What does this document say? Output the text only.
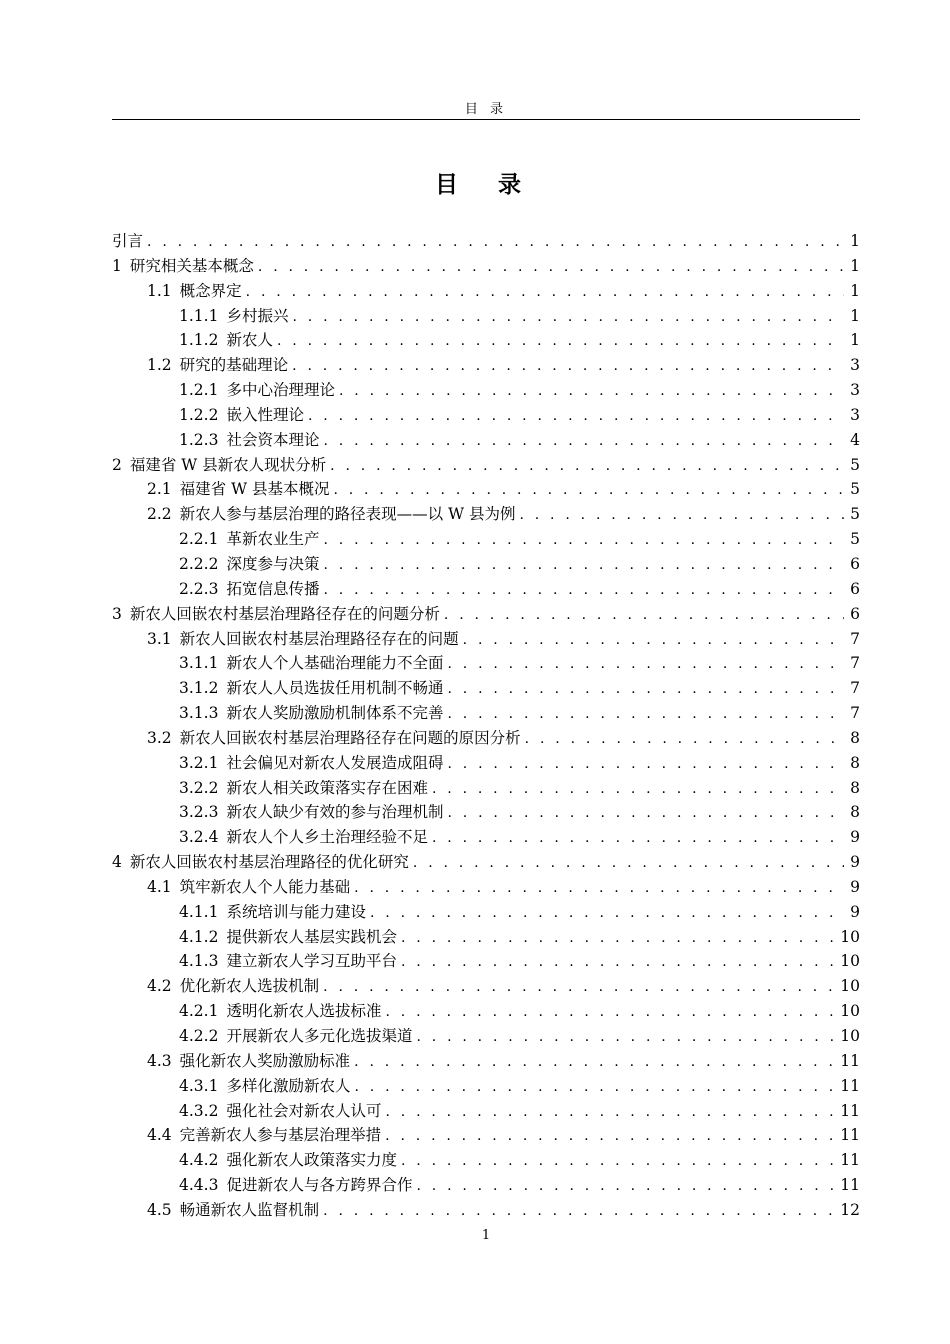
目 录
目 录
引言 . . .	1
1 研究相关基本概念 . . .	1
1.1 概念界定 . . .	1
1.1.1 乡村振兴 . . .	1
1.1.2 新农人 . . .	1
1.2 研究的基础理论 . . .	3
1.2.1 多中心治理理论 . . .	3
1.2.2 嵌入性理论 . . .	3
1.2.3 社会资本理论 . . .	4
2 福建省 W 县新农人现状分析 . . .	5
2.1 福建省 W 县基本概况 . . .	5
2.2 新农人参与基层治理的路径表现——以 W 县为例 . . .	5
2.2.1 革新农业生产 . . .	5
2.2.2 深度参与决策 . . .	6
2.2.3 拓宽信息传播 . . .	6
3 新农人回嵌农村基层治理路径存在的问题分析 . . .	6
3.1 新农人回嵌农村基层治理路径存在的问题 . . .	7
3.1.1 新农人个人基础治理能力不全面 . . .	7
3.1.2 新农人人员选拔任用机制不畅通 . . .	7
3.1.3 新农人奖励激励机制体系不完善 . . .	7
3.2 新农人回嵌农村基层治理路径存在问题的原因分析 . . .	8
3.2.1 社会偏见对新农人发展造成阻碍 . . .	8
3.2.2 新农人相关政策落实存在困难 . . .	8
3.2.3 新农人缺少有效的参与治理机制 . . .	8
3.2.4 新农人个人乡土治理经验不足 . . .	9
4 新农人回嵌农村基层治理路径的优化研究 . . .	9
4.1 筑牢新农人个人能力基础 . . .	9
4.1.1 系统培训与能力建设 . . .	9
4.1.2 提供新农人基层实践机会 . . .	10
4.1.3 建立新农人学习互助平台 . . .	10
4.2 优化新农人选拔机制 . . .	10
4.2.1 透明化新农人选拔标准 . . .	10
4.2.2 开展新农人多元化选拔渠道 . . .	10
4.3 强化新农人奖励激励标准 . . .	11
4.3.1 多样化激励新农人 . . .	11
4.3.2 强化社会对新农人认可 . . .	11
4.4 完善新农人参与基层治理举措 . . .	11
4.4.2 强化新农人政策落实力度 . . .	11
4.4.3 促进新农人与各方跨界合作 . . .	11
4.5 畅通新农人监督机制 . . .	12
1
